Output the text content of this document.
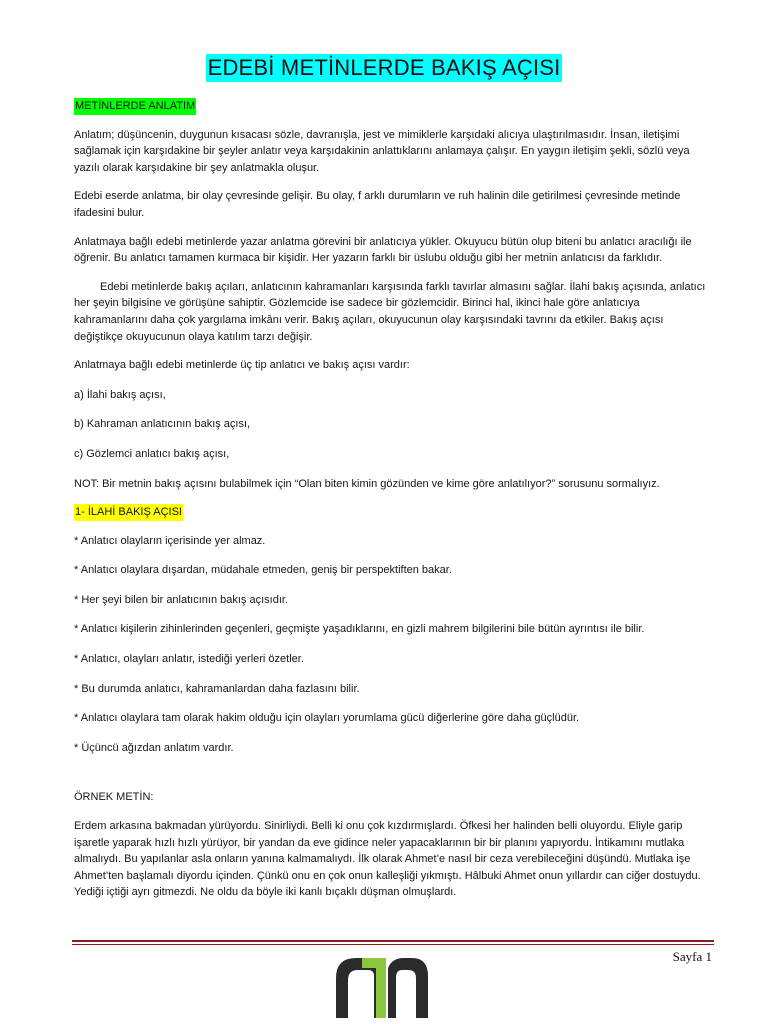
EDEBİ METİNLERDE BAKIŞ AÇISI

METİNLERDE ANLATIM

Anlatım; düşüncenin, duygunun kısacası sözle, davranışla, jest ve mimiklerle karşıdaki alıcıya ulaştırılmasıdır. İnsan, iletişimi sağlamak için karşıdakine bir şeyler anlatır veya karşıdakinin anlattıklarını anlamaya çalışır. En yaygın iletişim şekli, sözlü veya yazılı olarak karşıdakine bir şey anlatmakla oluşur.

Edebi eserde anlatma, bir olay çevresinde gelişir. Bu olay, f arklı durumların ve ruh halinin dile getirilmesi çevresinde metinde ifadesini bulur.

Anlatmaya bağlı edebi metinlerde yazar anlatma görevini bir anlatıcıya yükler. Okuyucu bütün olup biteni bu anlatıcı aracılığı ile öğrenir. Bu anlatıcı tamamen kurmaca bir kişidir. Her yazarın farklı bir üslubu olduğu gibi her metnin anlatıcısı da farklıdır.

Edebi metinlerde bakış açıları, anlatıcının kahramanları karşısında farklı tavırlar almasını sağlar. İlahi bakış açısında, anlatıcı her şeyin bilgisine ve görüşüne sahiptir. Gözlemcide ise sadece bir gözlemcidir. Birinci hal, ikinci hale göre anlatıcıya kahramanlarını daha çok yargılama imkânı verir. Bakış açıları, okuyucunun olay karşısındaki tavrını da etkiler. Bakış açısı değiştikçe okuyucunun olaya katılım tarzı değişir.

Anlatmaya bağlı edebi metinlerde üç tip anlatıcı ve bakış açısı vardır:

a) İlahi bakış açısı,

b) Kahraman anlatıcının bakış açısı,

c) Gözlemci anlatıcı bakış açısı,

NOT: Bir metnin bakış açısını bulabilmek için “Olan biten kimin gözünden ve kime göre anlatılıyor?” sorusunu sormalıyız.

1- İLAHİ BAKIŞ AÇISI

* Anlatıcı olayların içerisinde yer almaz.

* Anlatıcı olaylara dışardan, müdahale etmeden, geniş bir perspektiften bakar.

* Her şeyi bilen bir anlatıcının bakış açısıdır.

* Anlatıcı kişilerin zihinlerinden geçenleri, geçmişte yaşadıklarını, en gizli mahrem bilgilerini bile bütün ayrıntısı ile bilir.

* Anlatıcı, olayları anlatır, istediği yerleri özetler.

* Bu durumda anlatıcı, kahramanlardan daha fazlasını bilir.

* Anlatıcı olaylara tam olarak hakim olduğu için olayları yorumlama gücü diğerlerine göre daha güçlüdür.

* Üçüncü ağızdan anlatım vardır.

ÖRNEK METİN:

Erdem arkasına bakmadan yürüyordu. Sinirliydi. Belli ki onu çok kızdırmışlardı. Öfkesi her halinden belli oluyordu. Eliyle garip işaretle yaparak hızlı hızlı yürüyor, bir yandan da eve gidince neler yapacaklarının bir bir planını yapıyordu. İntikamını mutlaka almalıydı. Bu yapılanlar asla onların yanına kalmamalıydı. İlk olarak Ahmet’e nasıl bir ceza verebileceğini düşündü. Mutlaka işe Ahmet’ten başlamalı diyordu içinden. Çünkü onu en çok onun kalleşliği yıkmıştı. Hâlbuki Ahmet onun yıllardır can ciğer dostuydu. Yediği içtiği ayrı gitmezdi. Ne oldu da böyle iki kanlı bıçaklı düşman olmuşlardı.

Sayfa 1
